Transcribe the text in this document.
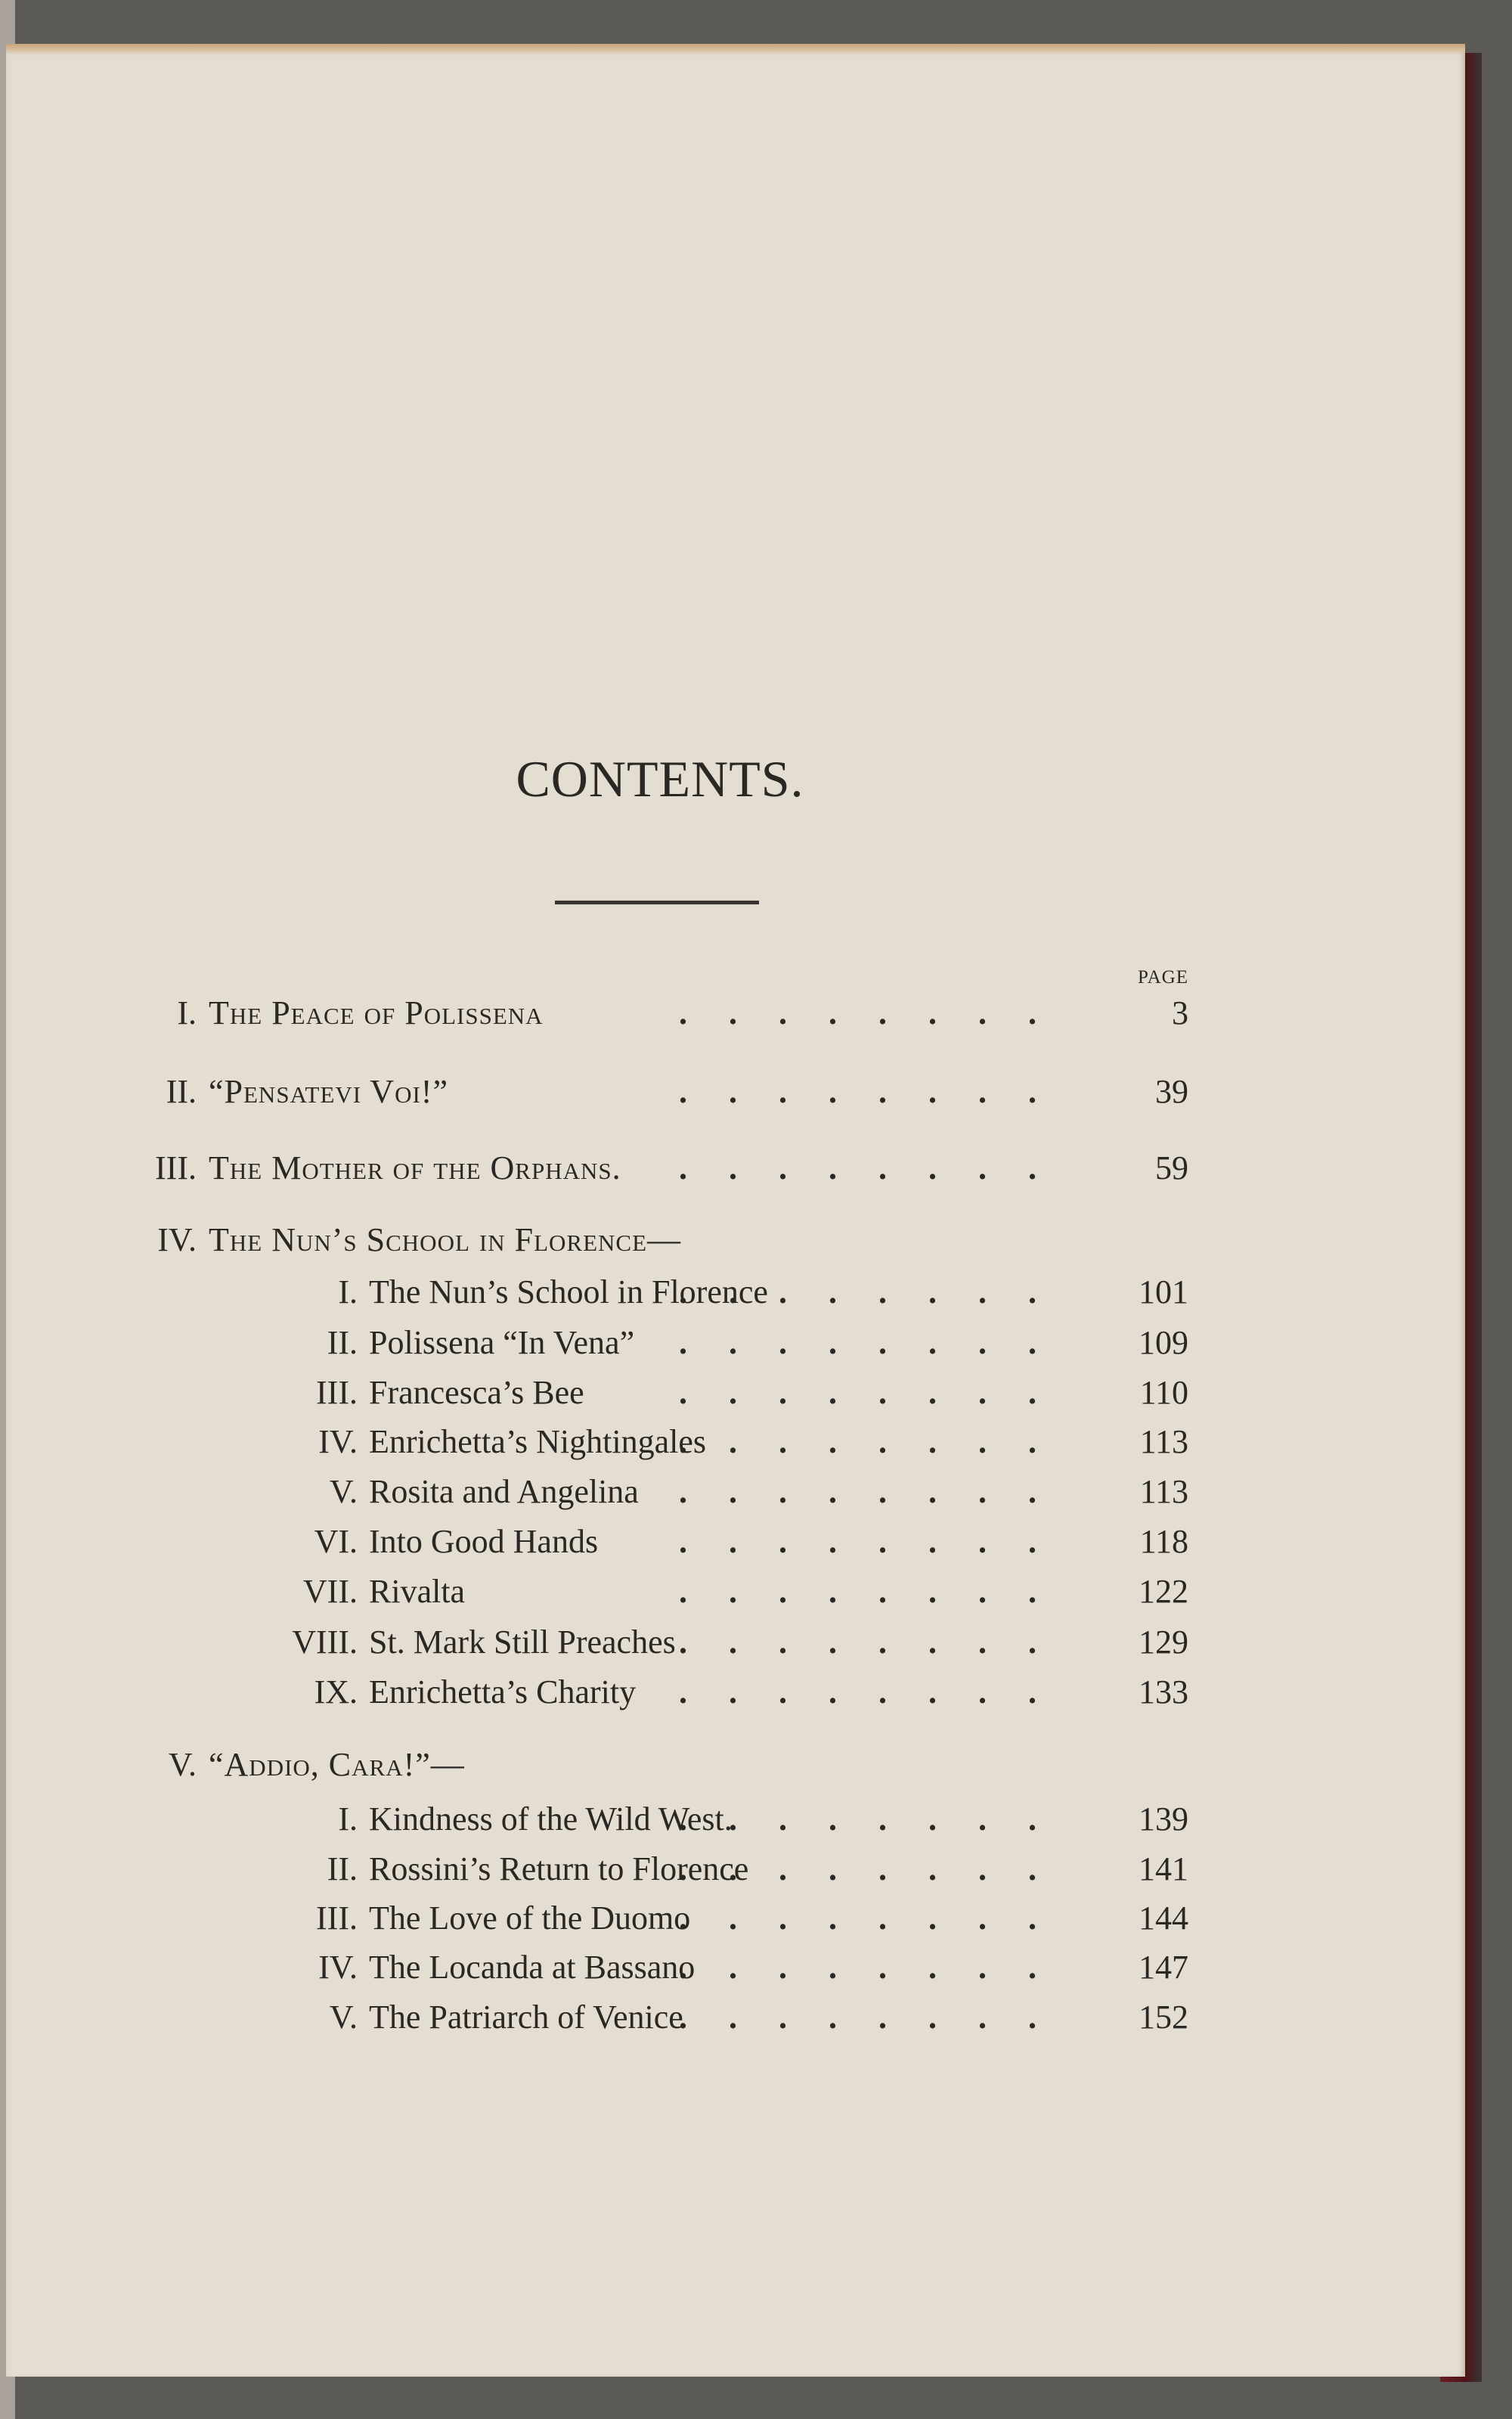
CONTENTS.
PAGE
I. The Peace of Polissena .	3
II. “Pensatevi Voi!” .	39
III. The Mother of the Orphans. .	59
IV. The Nun’s School in Florence—
I. The Nun’s School in Florence .	101
II. Polissena “In Vena” .	109
III. Francesca’s Bee .	110
IV. Enrichetta’s Nightingales .	113
V. Rosita and Angelina .	113
VI. Into Good Hands .	118
VII. Rivalta .	122
VIII. St. Mark Still Preaches .	129
IX. Enrichetta’s Charity .	133
V. “Addio, Cara!”—
I. Kindness of the Wild West. .	139
II. Rossini’s Return to Florence .	141
III. The Love of the Duomo .	144
IV. The Locanda at Bassano .	147
V. The Patriarch of Venice .	152
